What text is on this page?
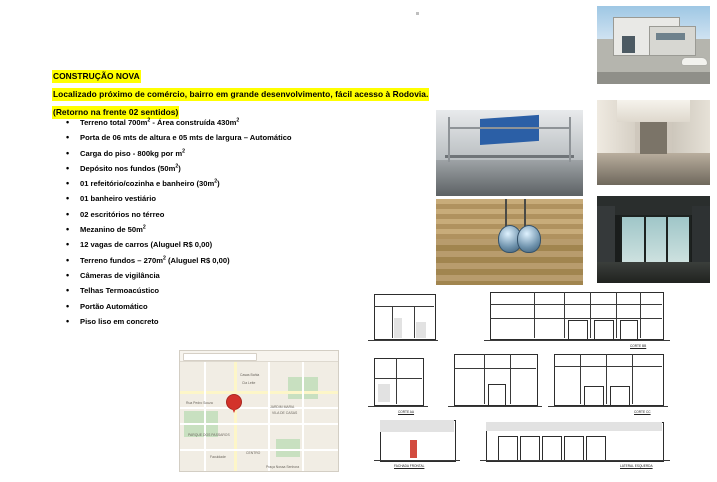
CONSTRUÇÃO NOVA
Localizado próximo de comércio, bairro em grande desenvolvimento, fácil acesso à Rodovia.
(Retorno na frente 02 sentidos)
• Terreno total $700m^2$ - Área construída $430m^2$
• Porta de 06 mts de altura e 05 mts de largura – Automático
• Carga do piso - 800kg por $m^2$
• Depósito nos fundos $(50m^2)$
• 01 refeitório/cozinha e banheiro $(30m^2)$
• 01 banheiro vestiário
• 02 escritórios no térreo
• Mezanino de $50m^2$
• 12 vagas de carros (Aluguel R$ 0,00)
• Terreno fundos – $270m^2$ (Aluguel R$ 0,00)
• Câmeras de vigilância
• Telhas Termoacústico
• Portão Automático
• Piso liso em concreto
Rua Pedro Souza
Cia Leite
CENTRO
Casas Bahia
JARDIM MARIA
VILA DE CASAS
Praça Nossa Senhora
Faculdade
PARQUE DOS PASSAROS
CORTE BB
CORTE AA	CORTE CC
FACHADA FRONTAL	LATERAL ESQUERDA
